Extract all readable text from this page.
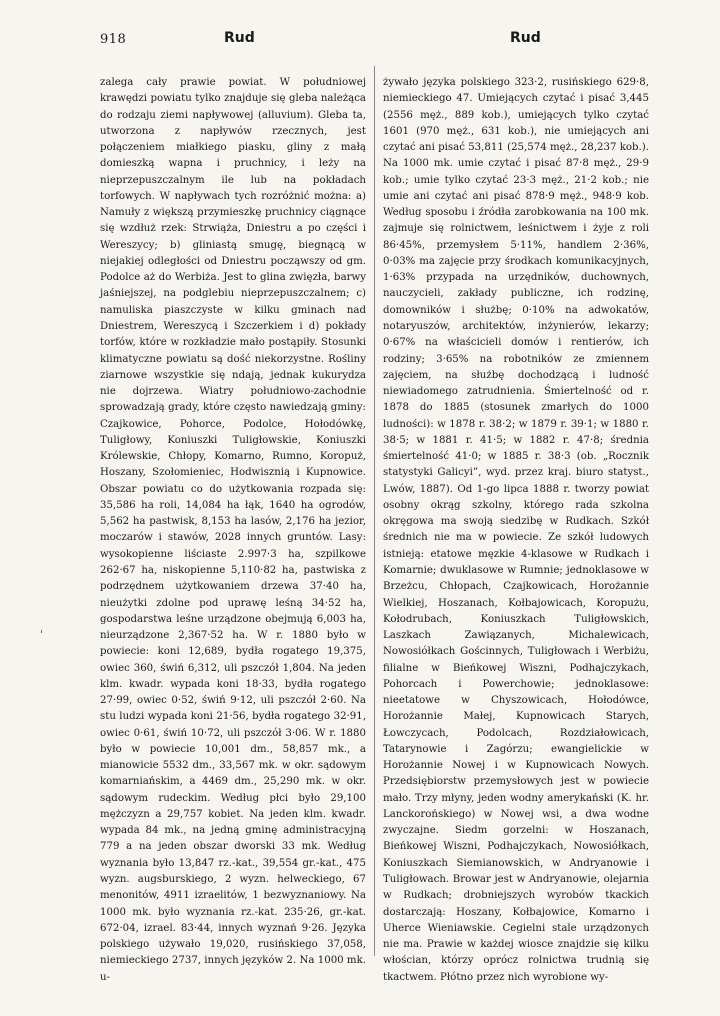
918	Rud	Rud

zalega cały prawie powiat. W południowej krawędzi powiatu tylko znajduje się gleba należąca do rodzaju ziemi napływowej (alluvium). Gleba ta, utworzona z napływów rzecznych, jest połączeniem miałkiego piasku, gliny z małą domieszką wapna i pruchnicy, i leży na nieprzepuszczalnym ile lub na pokładach torfowych. W napływach tych rozróżnić można: a) Namuły z większą przymieszkę pruchnicy ciągnące się wzdłuż rzek: Strwiąża, Dniestru a po części i Wereszycy; b) gliniastą smugę, biegnącą w niejakiej odległości od Dniestru począwszy od gm. Podolce aż do Werbiża. Jest to glina zwięzła, barwy jaśniejszej, na podglebiu nieprzepuszczalnem; c) namuliska piaszczyste w kilku gminach nad Dniestrem, Wereszycą i Szczerkiem i d) pokłady torfów, które w rozkładzie mało postąpiły. Stosunki klimatyczne powiatu są dość niekorzystne. Rośliny ziarnowe wszystkie się ndają, jednak kukurydza nie dojrzewa. Wiatry południowo-zachodnie sprowadzają grady, które często nawiedzają gminy: Czajkowice, Pohorce, Podolce, Hołodówkę, Tuligłowy, Koniuszki Tuligłowskie, Koniuszki Królewskie, Chłopy, Komarno, Rumno, Koropuż, Hoszany, Szołomieniec, Hodwisznią i Kupnowice. Obszar powiatu co do użytkowania rozpada się: 35,586 ha roli, 14,084 ha łąk, 1640 ha ogrodów, 5,562 ha pastwisk, 8,153 ha lasów, 2,176 ha jezior, moczarów i stawów, 2028 innych gruntów. Lasy: wysokopienne liściaste 2.997·3 ha, szpilkowe 262·67 ha, niskopienne 5,110·82 ha, pastwiska z podrzędnem użytkowaniem drzewa 37·40 ha, nieużytki zdolne pod uprawę leśną 34·52 ha, gospodarstwa leśne urządzone obejmują 6,003 ha, nieurządzone 2,367·52 ha. W r. 1880 było w powiecie: koni 12,689, bydła rogatego 19,375, owiec 360, świń 6,312, uli pszczół 1,804. Na jeden klm. kwadr. wypada koni 18·33, bydła rogatego 27·99, owiec 0·52, świń 9·12, uli pszczół 2·60. Na stu ludzi wypada koni 21·56, bydła rogatego 32·91, owiec 0·61, świń 10·72, uli pszczół 3·06. W r. 1880 było w powiecie 10,001 dm., 58,857 mk., a mianowicie 5532 dm., 33,567 mk. w okr. sądowym komarniańskim, a 4469 dm., 25,290 mk. w okr. sądowym rudeckim. Według płci było 29,100 mężczyzn a 29,757 kobiet. Na jeden klm. kwadr. wypada 84 mk., na jedną gminę administracyjną 779 a na jeden obszar dworski 33 mk. Według wyznania było 13,847 rz.-kat., 39,554 gr.-kat., 475 wyzn. augsburskiego, 2 wyzn. helweckiego, 67 menonitów, 4911 izraelitów, 1 bezwyznaniowy. Na 1000 mk. było wyznania rz.-kat. 235·26, gr.-kat. 672·04, izrael. 83·44, innych wyznań 9·26. Języka polskiego używało 19,020, rusińskiego 37,058, niemieckiego 2737, innych języków 2. Na 1000 mk. u-

żywało języka polskiego 323·2, rusińskiego 629·8, niemieckiego 47. Umiejących czytać i pisać 3,445 (2556 męż., 889 kob.), umiejących tylko czytać 1601 (970 męż., 631 kob.), nie umiejących ani czytać ani pisać 53,811 (25,574 męż., 28,237 kob.). Na 1000 mk. umie czytać i pisać 87·8 męż., 29·9 kob.; umie tylko czytać 23·3 męż., 21·2 kob.; nie umie ani czytać ani pisać 878·9 męż., 948·9 kob. Według sposobu i źródła zarobkowania na 100 mk. zajmuje się rolnictwem, leśnictwem i żyje z roli 86·45%, przemysłem 5·11%, handlem 2·36%, 0·03% ma zajęcie przy środkach komunikacyjnych, 1·63% przypada na urzędników, duchownych, nauczycieli, zakłady publiczne, ich rodzinę, domowników i służbę; 0·10% na adwokatów, notaryuszów, architektów, inżynierów, lekarzy; 0·67% na właścicieli domów i rentierów, ich rodziny; 3·65% na robotników ze zmiennem zajęciem, na służbę dochodzącą i ludność niewiadomego zatrudnienia. Śmiertelność od r. 1878 do 1885 (stosunek zmarłych do 1000 ludności): w 1878 r. 38·2; w 1879 r. 39·1; w 1880 r. 38·5; w 1881 r. 41·5; w 1882 r. 47·8; średnia śmiertelność 41·0; w 1885 r. 38·3 (ob. „Rocznik statystyki Galicyi”, wyd. przez kraj. biuro statyst., Lwów, 1887). Od 1-go lipca 1888 r. tworzy powiat osobny okrąg szkolny, którego rada szkolna okręgowa ma swoją siedzibę w Rudkach. Szkół średnich nie ma w powiecie. Ze szkół ludowych istnieją: etatowe męzkie 4-klasowe w Rudkach i Komarnie; dwuklasowe w Rumnie; jednoklasowe w Brzeżcu, Chłopach, Czajkowicach, Horożannie Wielkiej, Hoszanach, Kołbajowicach, Koropużu, Kołodrubach, Koniuszkach Tuligłowskich, Laszkach Zawiązanych, Michalewicach, Nowosiółkach Gościnnych, Tuligłowach i Werbiżu, filialne w Bieńkowej Wiszni, Podhajczykach, Pohorcach i Powerchowie; jednoklasowe: nieetatowe w Chyszowicach, Hołodówce, Horożannie Małej, Kupnowicach Starych, Łowczycach, Podolcach, Rozdziałowicach, Tatarynowie i Zagórzu; ewangielickie w Horożannie Nowej i w Kupnowicach Nowych. Przedsiębiorstw przemysłowych jest w powiecie mało. Trzy młyny, jeden wodny amerykański (K. hr. Lanckorońskiego) w Nowej wsi, a dwa wodne zwyczajne. Siedm gorzelni: w Hoszanach, Bieńkowej Wiszni, Podhajczykach, Nowosiółkach, Koniuszkach Siemianowskich, w Andryanowie i Tuligłowach. Browar jest w Andryanowie, olejarnia w Rudkach; drobniejszych wyrobów tkackich dostarczają: Hoszany, Kołbajowice, Komarno i Uherce Wieniawskie. Cegielni stale urządzonych nie ma. Prawie w każdej wiosce znajdzie się kilku włościan, którzy oprócz rolnictwa trudnią się tkactwem. Płótno przez nich wyrobione wy-

'
